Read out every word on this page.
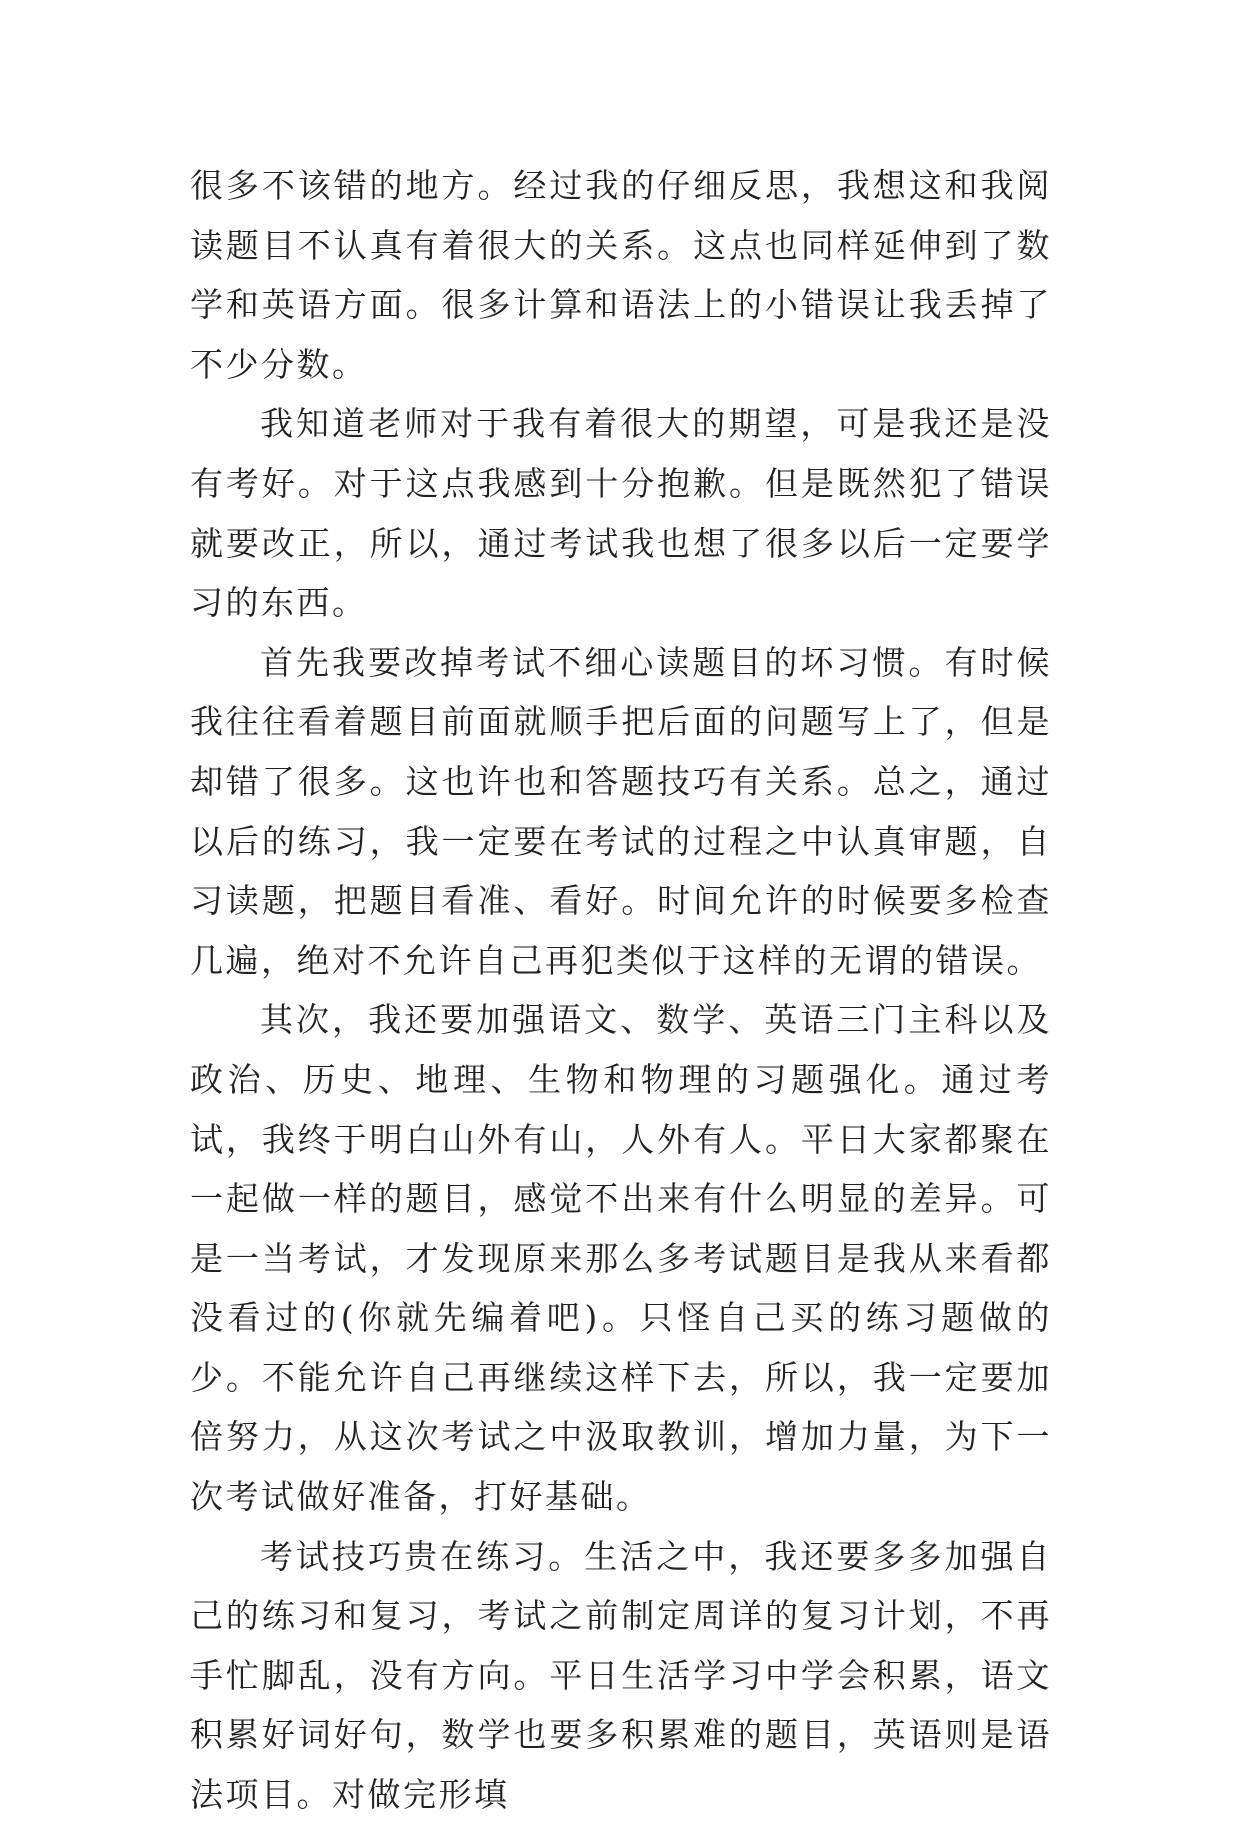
很多不该错的地方。经过我的仔细反思，我想这和我阅读题目不认真有着很大的关系。这点也同样延伸到了数学和英语方面。很多计算和语法上的小错误让我丢掉了不少分数。

我知道老师对于我有着很大的期望，可是我还是没有考好。对于这点我感到十分抱歉。但是既然犯了错误就要改正，所以，通过考试我也想了很多以后一定要学习的东西。

首先我要改掉考试不细心读题目的坏习惯。有时候我往往看着题目前面就顺手把后面的问题写上了，但是却错了很多。这也许也和答题技巧有关系。总之，通过以后的练习，我一定要在考试的过程之中认真审题，自习读题，把题目看准、看好。时间允许的时候要多检查几遍，绝对不允许自己再犯类似于这样的无谓的错误。

其次，我还要加强语文、数学、英语三门主科以及政治、历史、地理、生物和物理的习题强化。通过考试，我终于明白山外有山，人外有人。平日大家都聚在一起做一样的题目，感觉不出来有什么明显的差异。可是一当考试，才发现原来那么多考试题目是我从来看都没看过的(你就先编着吧)。只怪自己买的练习题做的少。不能允许自己再继续这样下去，所以，我一定要加倍努力，从这次考试之中汲取教训，增加力量，为下一次考试做好准备，打好基础。

考试技巧贵在练习。生活之中，我还要多多加强自己的练习和复习，考试之前制定周详的复习计划，不再手忙脚乱，没有方向。平日生活学习中学会积累，语文积累好词好句，数学也要多积累难的题目，英语则是语法项目。对做完形填
